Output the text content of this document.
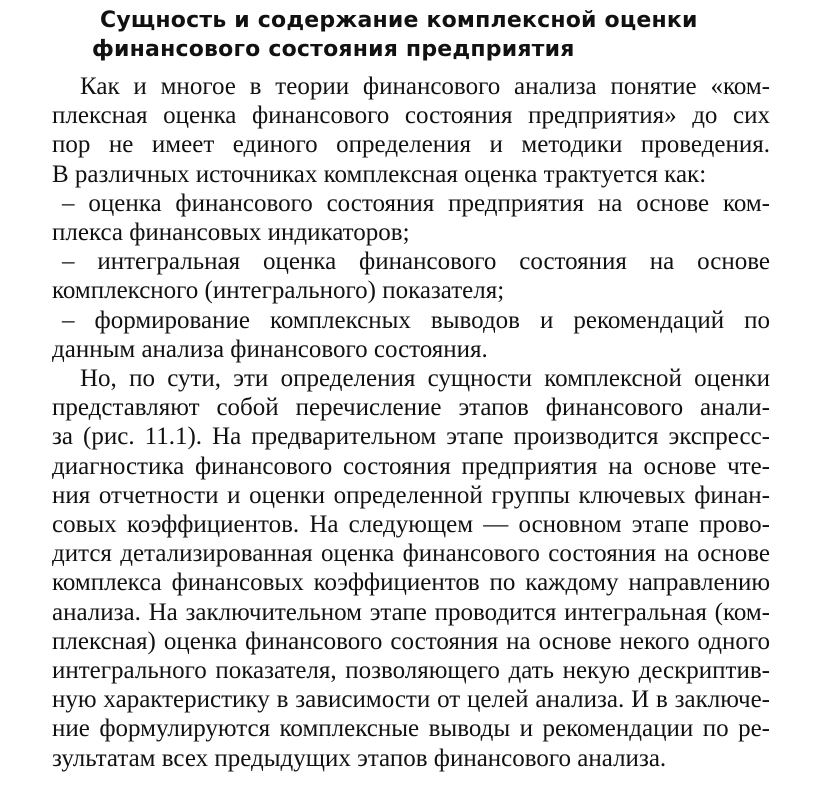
Сущность и содержание комплексной оценки
финансового состояния предприятия
Как и многое в теории финансового анализа понятие «ком-
плексная оценка финансового состояния предприятия» до сих
пор не имеет единого определения и методики проведения.
В различных источниках комплексная оценка трактуется как:
– оценка финансового состояния предприятия на основе ком-
плекса финансовых индикаторов;
– интегральная оценка финансового состояния на основе
комплексного (интегрального) показателя;
– формирование комплексных выводов и рекомендаций по
данным анализа финансового состояния.
Но, по сути, эти определения сущности комплексной оценки
представляют собой перечисление этапов финансового анали-
за (рис. 11.1). На предварительном этапе производится экспресс-
диагностика финансового состояния предприятия на основе чте-
ния отчетности и оценки определенной группы ключевых финан-
совых коэффициентов. На следующем — основном этапе прово-
дится детализированная оценка финансового состояния на основе
комплекса финансовых коэффициентов по каждому направлению
анализа. На заключительном этапе проводится интегральная (ком-
плексная) оценка финансового состояния на основе некого одного
интегрального показателя, позволяющего дать некую дескриптив-
ную характеристику в зависимости от целей анализа. И в заключе-
ние формулируются комплексные выводы и рекомендации по ре-
зультатам всех предыдущих этапов финансового анализа.
